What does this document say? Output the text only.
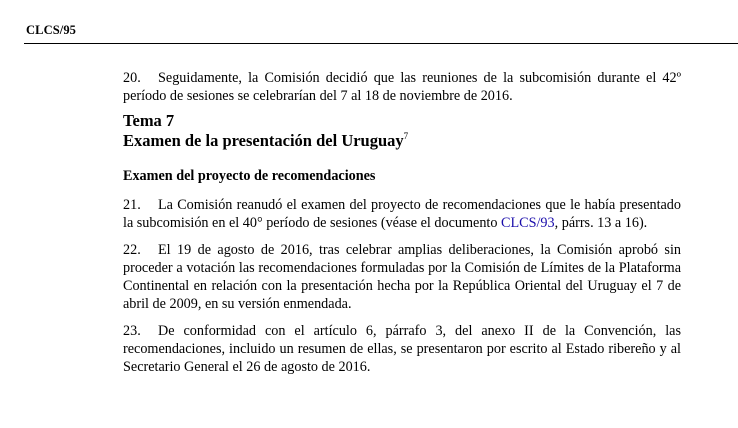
CLCS/95

20. Seguidamente, la Comisión decidió que las reuniones de la subcomisión durante el 42º período de sesiones se celebrarían del 7 al 18 de noviembre de 2016.

Tema 7
Examen de la presentación del Uruguay$^7$
Examen del proyecto de recomendaciones

21. La Comisión reanudó el examen del proyecto de recomendaciones que le había presentado la subcomisión en el 40° período de sesiones (véase el documento CLCS/93, párrs. 13 a 16).

22. El 19 de agosto de 2016, tras celebrar amplias deliberaciones, la Comisión aprobó sin proceder a votación las recomendaciones formuladas por la Comisión de Límites de la Plataforma Continental en relación con la presentación hecha por la República Oriental del Uruguay el 7 de abril de 2009, en su versión enmendada.

23. De conformidad con el artículo 6, párrafo 3, del anexo II de la Convención, las recomendaciones, incluido un resumen de ellas, se presentaron por escrito al Estado ribereño y al Secretario General el 26 de agosto de 2016.
